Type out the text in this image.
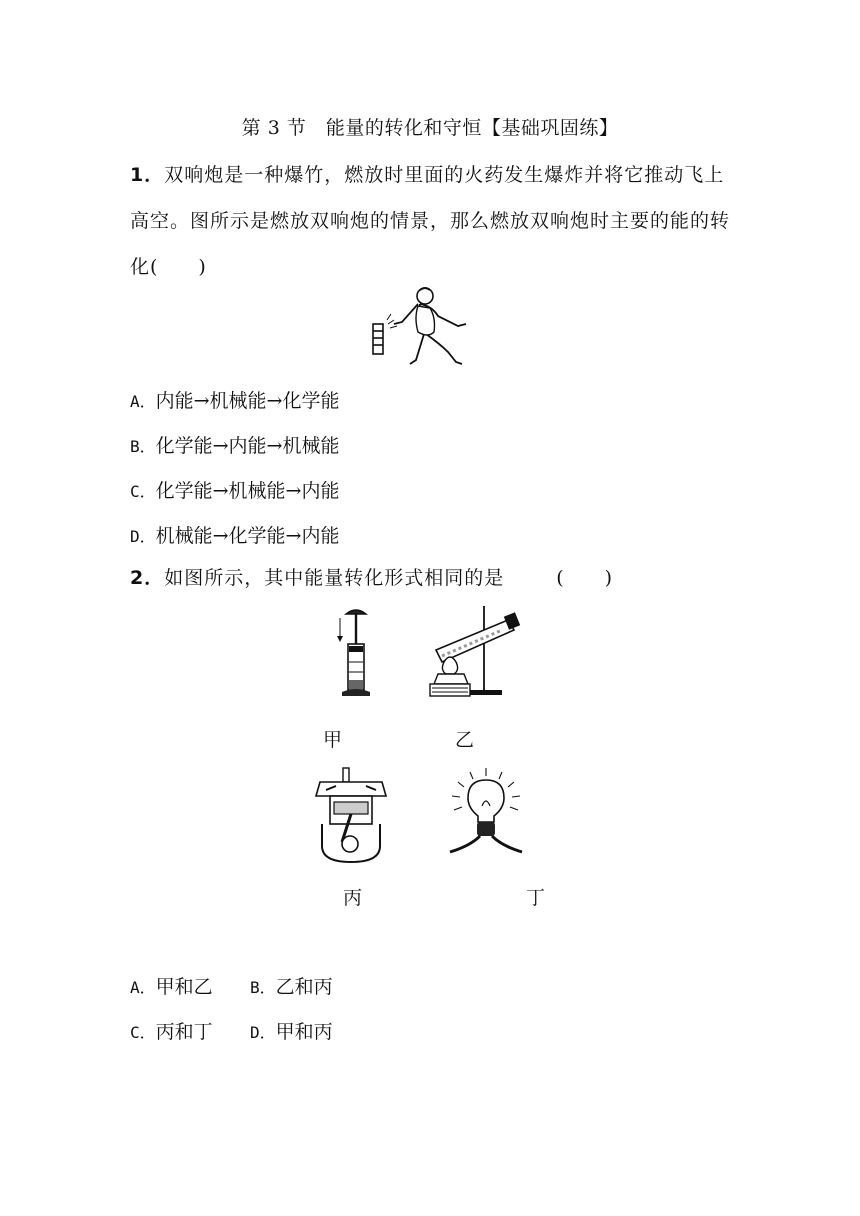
第 3 节　能量的转化和守恒【基础巩固练】
1．双响炮是一种爆竹，燃放时里面的火药发生爆炸并将它推动飞上高空。图所示是燃放双响炮的情景，那么燃放双响炮时主要的能的转化(　　)
A．内能→机械能→化学能
B．化学能→内能→机械能
C．化学能→机械能→内能
D．机械能→化学能→内能
2．如图所示，其中能量转化形式相同的是	(　　)
甲	乙
丙	丁
A．甲和乙 B．乙和丙
C．丙和丁 D．甲和丙
